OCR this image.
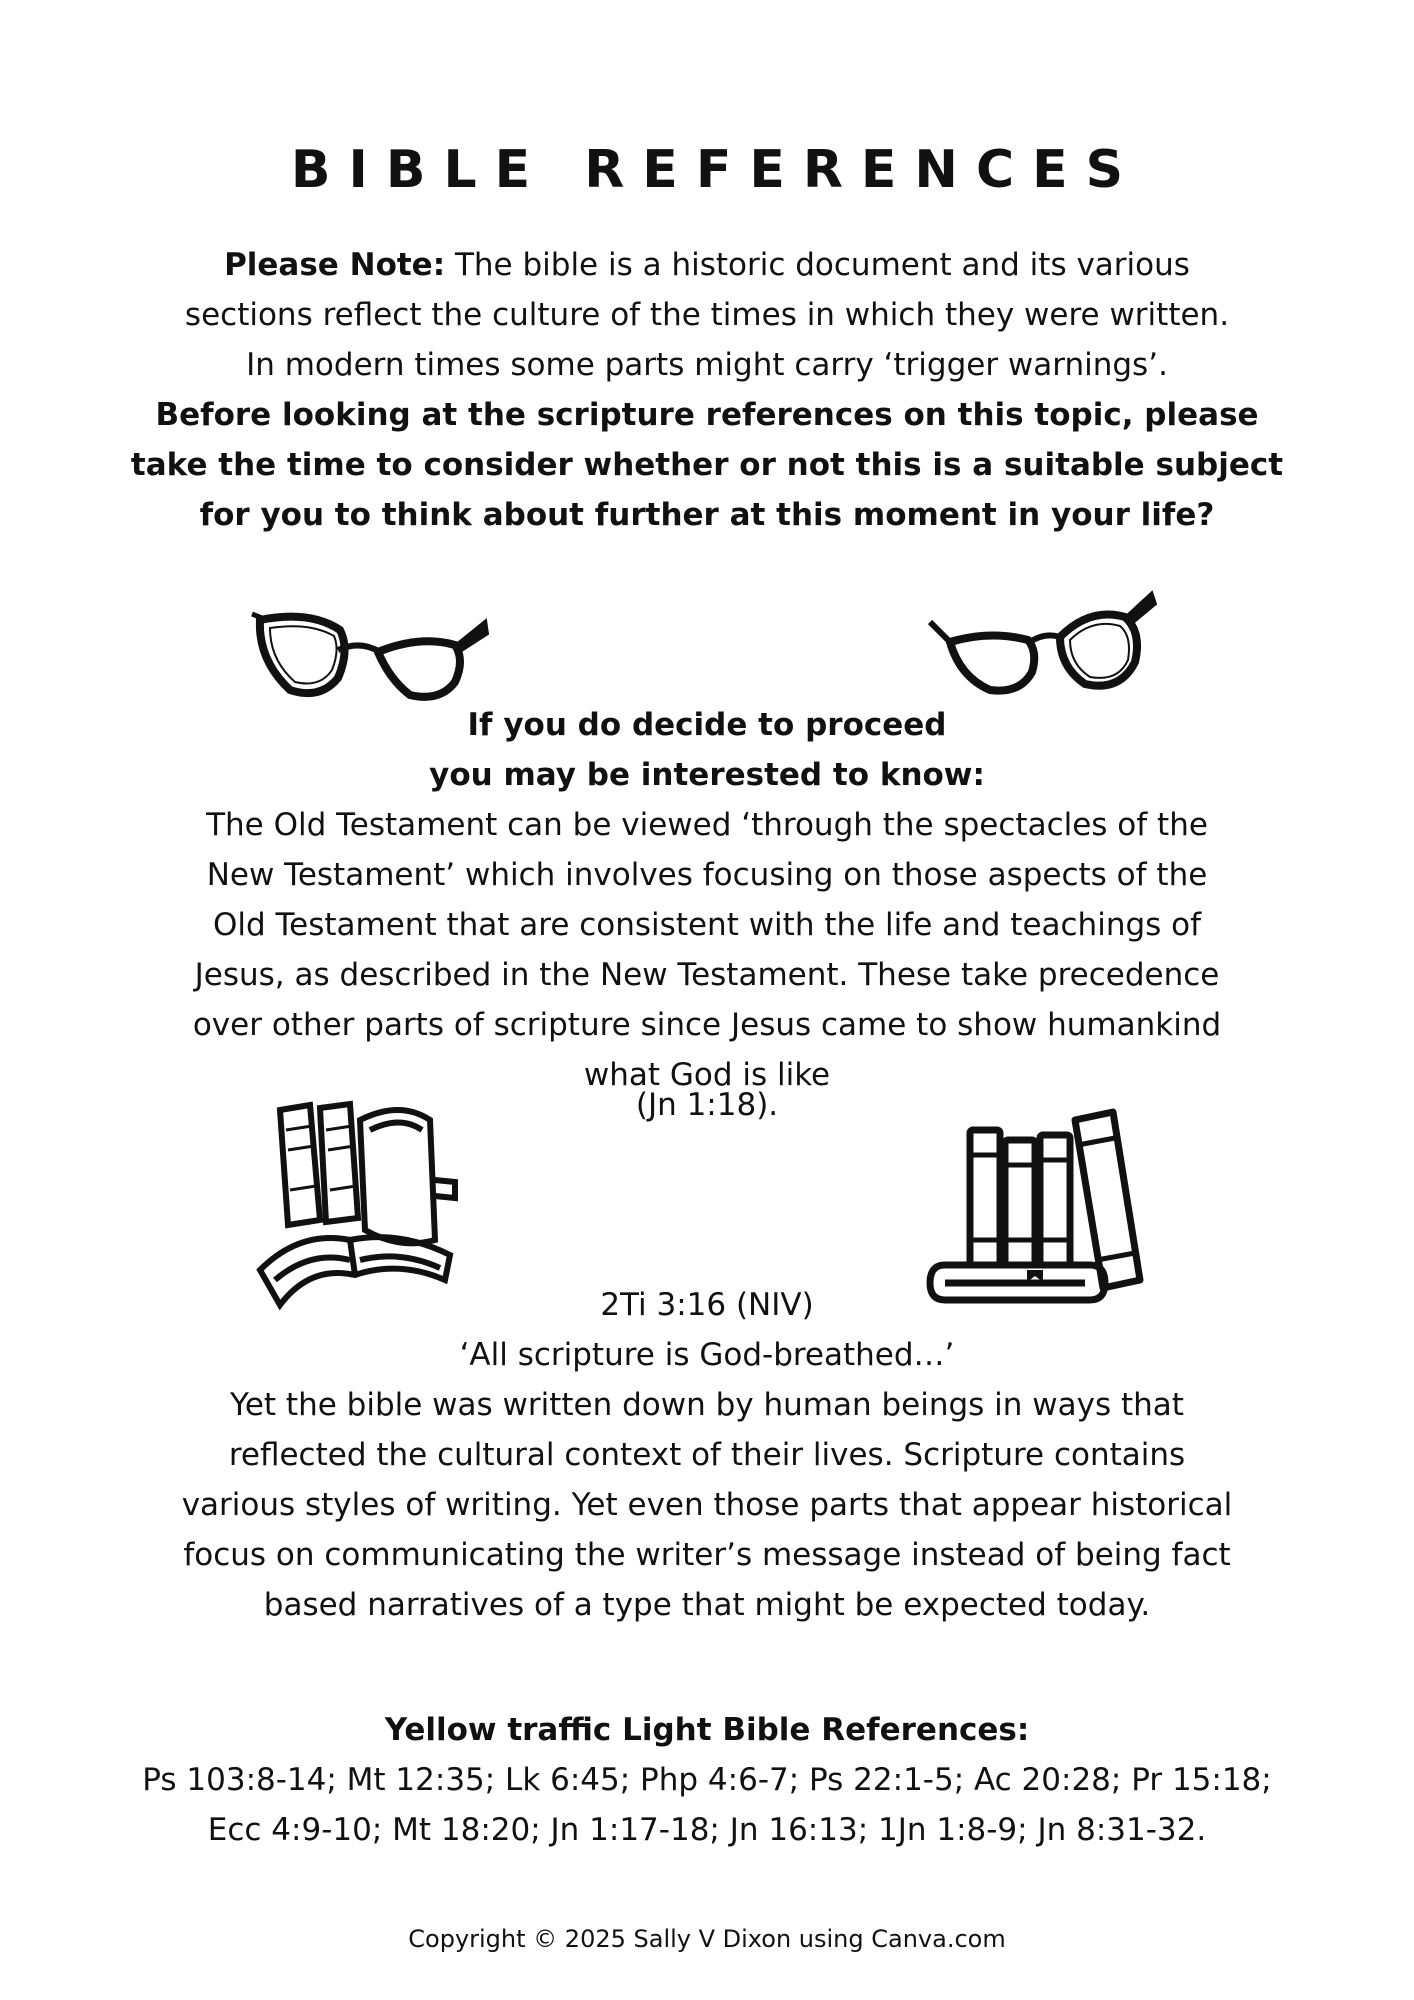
BIBLE REFERENCES
Please Note: The bible is a historic document and its various
sections reflect the culture of the times in which they were written.
In modern times some parts might carry ‘trigger warnings’.
Before looking at the scripture references on this topic, please
take the time to consider whether or not this is a suitable subject
for you to think about further at this moment in your life?
If you do decide to proceed
you may be interested to know:
The Old Testament can be viewed ‘through the spectacles of the
New Testament’ which involves focusing on those aspects of the
Old Testament that are consistent with the life and teachings of
Jesus, as described in the New Testament. These take precedence
over other parts of scripture since Jesus came to show humankind
what God is like
(Jn 1:18).
2Ti 3:16 (NIV)
‘All scripture is God-breathed…’
Yet the bible was written down by human beings in ways that
reflected the cultural context of their lives. Scripture contains
various styles of writing. Yet even those parts that appear historical
focus on communicating the writer’s message instead of being fact
based narratives of a type that might be expected today.
Yellow traffic Light Bible References:
Ps 103:8-14; Mt 12:35; Lk 6:45; Php 4:6-7; Ps 22:1-5; Ac 20:28; Pr 15:18;
Ecc 4:9-10; Mt 18:20; Jn 1:17-18; Jn 16:13; 1Jn 1:8-9; Jn 8:31-32.
Copyright © 2025 Sally V Dixon using Canva.com
